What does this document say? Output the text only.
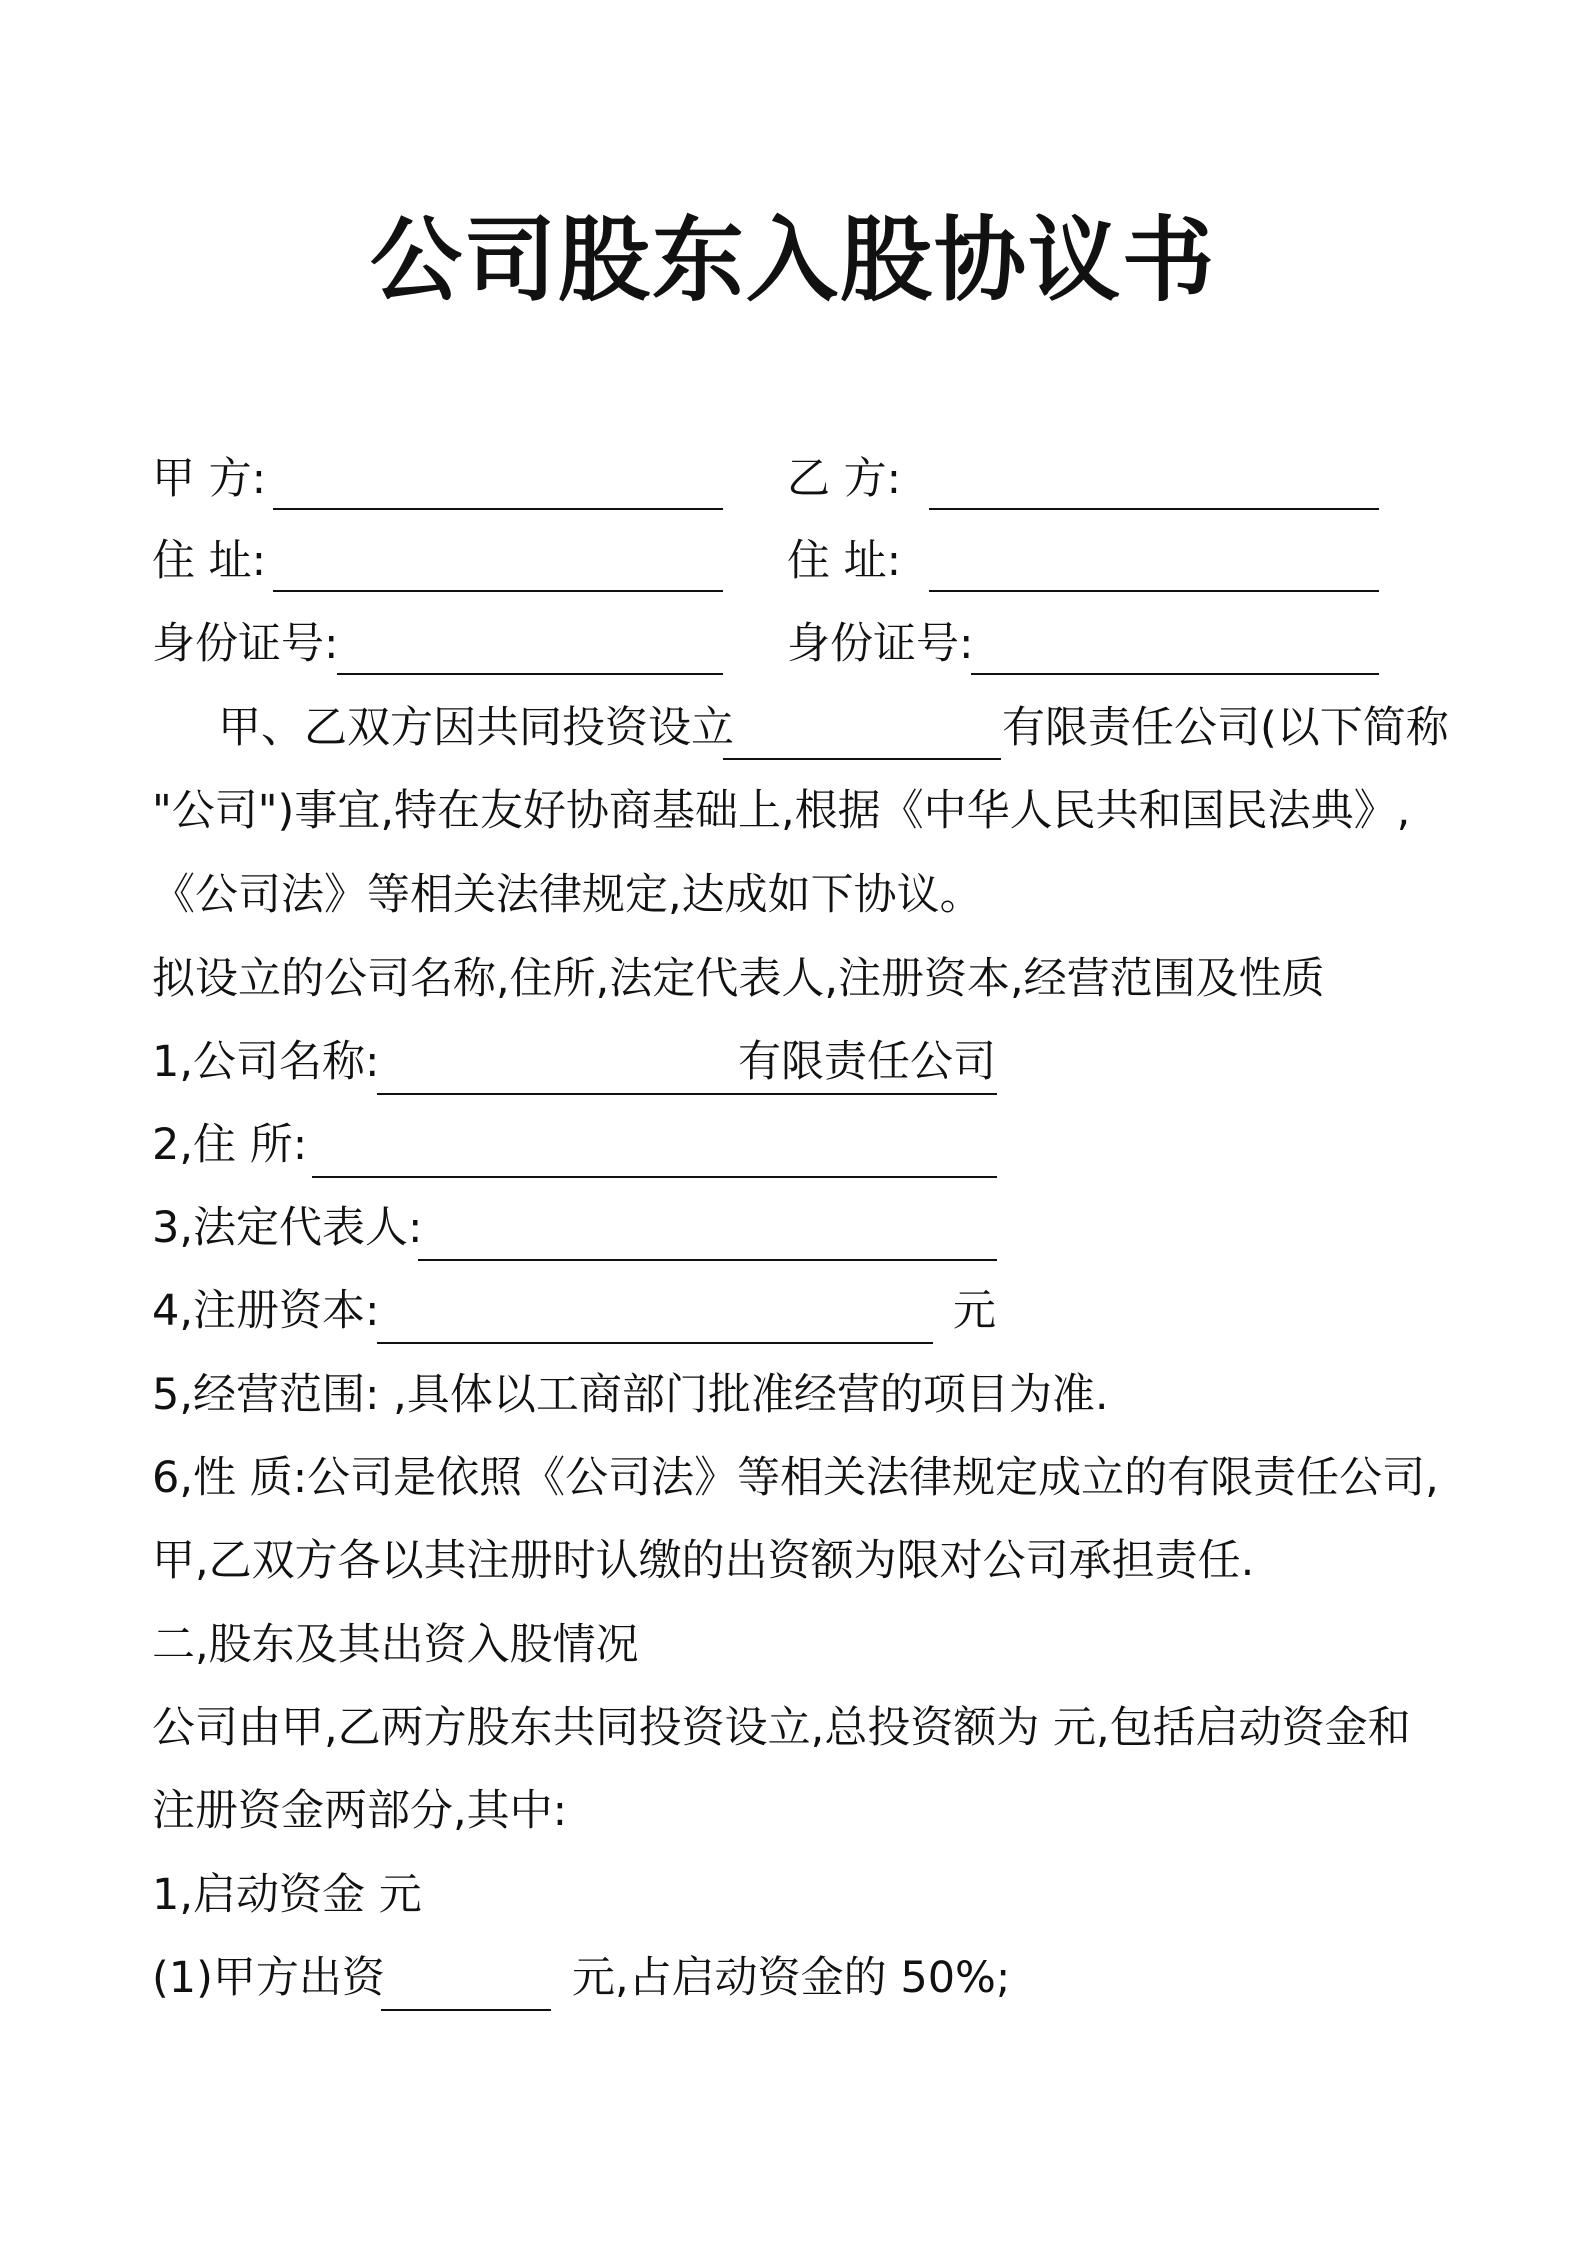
公司股东入股协议书
甲 方:	乙 方:
住 址:	住 址:
身份证号:	身份证号:
甲、乙双方因共同投资设立	有限责任公司(以下简称
"公司")事宜,特在友好协商基础上,根据《中华人民共和国民法典》,
《公司法》等相关法律规定,达成如下协议。
拟设立的公司名称,住所,法定代表人,注册资本,经营范围及性质
1,公司名称:	有限责任公司
2,住 所:
3,法定代表人:
4,注册资本:	元
5,经营范围: ,具体以工商部门批准经营的项目为准.
6,性 质:公司是依照《公司法》等相关法律规定成立的有限责任公司,
甲,乙双方各以其注册时认缴的出资额为限对公司承担责任.
二,股东及其出资入股情况
公司由甲,乙两方股东共同投资设立,总投资额为 元,包括启动资金和
注册资金两部分,其中:
1,启动资金 元
(1)甲方出资	元,占启动资金的 50%;
